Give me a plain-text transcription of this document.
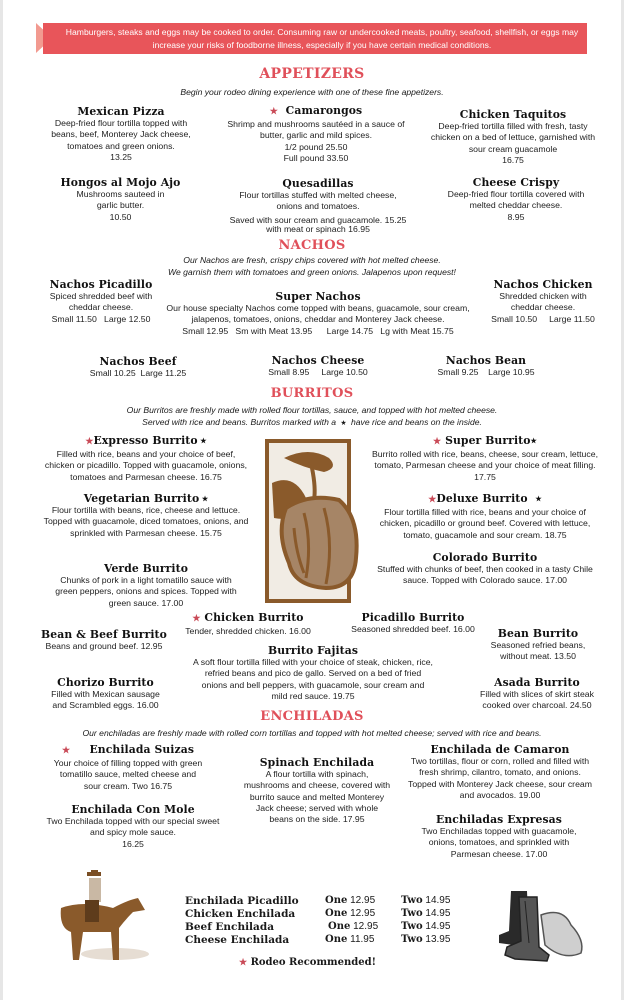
Hamburgers, steaks and eggs may be cooked to order. Consuming raw or undercooked meats, poultry, seafood, shellfish, or eggs may increase your risks of foodborne illness, especially if you have certain medical conditions.
APPETIZERS
Begin your rodeo dining experience with one of these fine appetizers.
Mexican Pizza
Deep-fried flour tortilla topped with beans, beef, Monterey Jack cheese, tomatoes and green onions.
13.25
★ Camarongos
Shrimp and mushrooms sautéed in a sauce of butter, garlic and mild spices.
1/2 pound 25.50
Full pound 33.50
Chicken Taquitos
Deep-fried tortilla filled with fresh, tasty chicken on a bed of lettuce, garnished with sour cream guacamole
16.75
Hongos al Mojo Ajo
Mushrooms sauteed in garlic butter.
10.50
Quesadillas
Flour tortillas stuffed with melted cheese, onions and tomatoes.
Saved with sour cream and guacamole. 15.25
with meat or spinach 16.95
Cheese Crispy
Deep-fried flour tortilla covered with melted cheddar cheese.
8.95
NACHOS
Our Nachos are fresh, crispy chips covered with hot melted cheese.
We garnish them with tomatoes and green onions. Jalapenos upon request!
Nachos Picadillo
Spiced shredded beef with cheddar cheese.
Small 11.50   Large 12.50
Super Nachos
Our house specialty Nachos come topped with beans, guacamole, sour cream, jalapenos, tomatoes, onions, cheddar and Monterey Jack cheese.
Small 12.95   Sm with Meat 13.95      Large 14.75   Lg with Meat 15.75
Nachos Chicken
Shredded chicken with cheddar cheese.
Small 10.50     Large 11.50
Nachos Beef
Small 10.25  Large 11.25
Nachos Cheese
Small 8.95     Large 10.50
Nachos Bean
Small 9.25    Large 10.95
BURRITOS
Our Burritos are freshly made with rolled flour tortillas, sauce, and topped with hot melted cheese.
Served with rice and beans. Burritos marked with a  ★  have rice and beans on the inside.
★Expresso Burrito ★
Filled with rice, beans and your choice of beef, chicken or picadillo. Topped with guacamole, onions, tomatoes and Parmesan cheese. 16.75
Vegetarian Burrito ★
Flour tortilla with beans, rice, cheese and lettuce. Topped with guacamole, diced tomatoes, onions, and sprinkled with Parmesan cheese. 15.75
Verde Burrito
Chunks of pork in a light tomatillo sauce with green peppers, onions and spices. Topped with green sauce. 17.00
★ Super Burrito★
Burrito rolled with rice, beans, cheese, sour cream, lettuce, tomato, Parmesan cheese and your choice of meat filling. 17.75
★Deluxe Burrito ★
Flour tortilla filled with rice, beans and your choice of chicken, picadillo or ground beef. Covered with lettuce, tomato, guacamole and sour cream. 18.75
Colorado Burrito
Stuffed with chunks of beef, then cooked in a tasty Chile sauce. Topped with Colorado sauce. 17.00
★ Chicken Burrito
Tender, shredded chicken. 16.00
Picadillo Burrito
Seasoned shredded beef. 16.00
Bean & Beef Burrito
Beans and ground beef. 12.95
Bean Burrito
Seasoned refried beans, without meat. 13.50
Burrito Fajitas
A soft flour tortilla filled with your choice of steak, chicken, rice, refried beans and pico de gallo. Served on a bed of fried onions and bell peppers, with guacamole, sour cream and mild red sauce. 19.75
Chorizo Burrito
Filled with Mexican sausage and Scrambled eggs. 16.00
Asada Burrito
Filled with slices of skirt steak cooked over charcoal. 24.50
ENCHILADAS
Our enchiladas are freshly made with rolled corn tortillas and topped with hot melted cheese; served with rice and beans.
★ Enchilada Suizas
Your choice of filling topped with green tomatillo sauce, melted cheese and sour cream. Two 16.75
Enchilada Con Mole
Two Enchilada topped with our special sweet and spicy mole sauce.
16.25
Spinach Enchilada
A flour tortilla with spinach, mushrooms and cheese, covered with burrito sauce and melted Monterey Jack cheese; served with whole beans on the side. 17.95
Enchilada de Camaron
Two tortillas, flour or corn, rolled and filled with fresh shrimp, cilantro, tomato, and onions. Topped with Monterey Jack cheese, sour cream and avocados. 19.00
Enchiladas Expresas
Two Enchiladas topped with guacamole, onions, tomatoes, and sprinkled with Parmesan cheese. 17.00
Enchilada Picadillo	One 12.95	Two 14.95
Chicken Enchilada	One 12.95	Two 14.95
Beef Enchilada	One 12.95 Two 14.95
Cheese Enchilada	One 11.95	Two 13.95
★ Rodeo Recommended!
